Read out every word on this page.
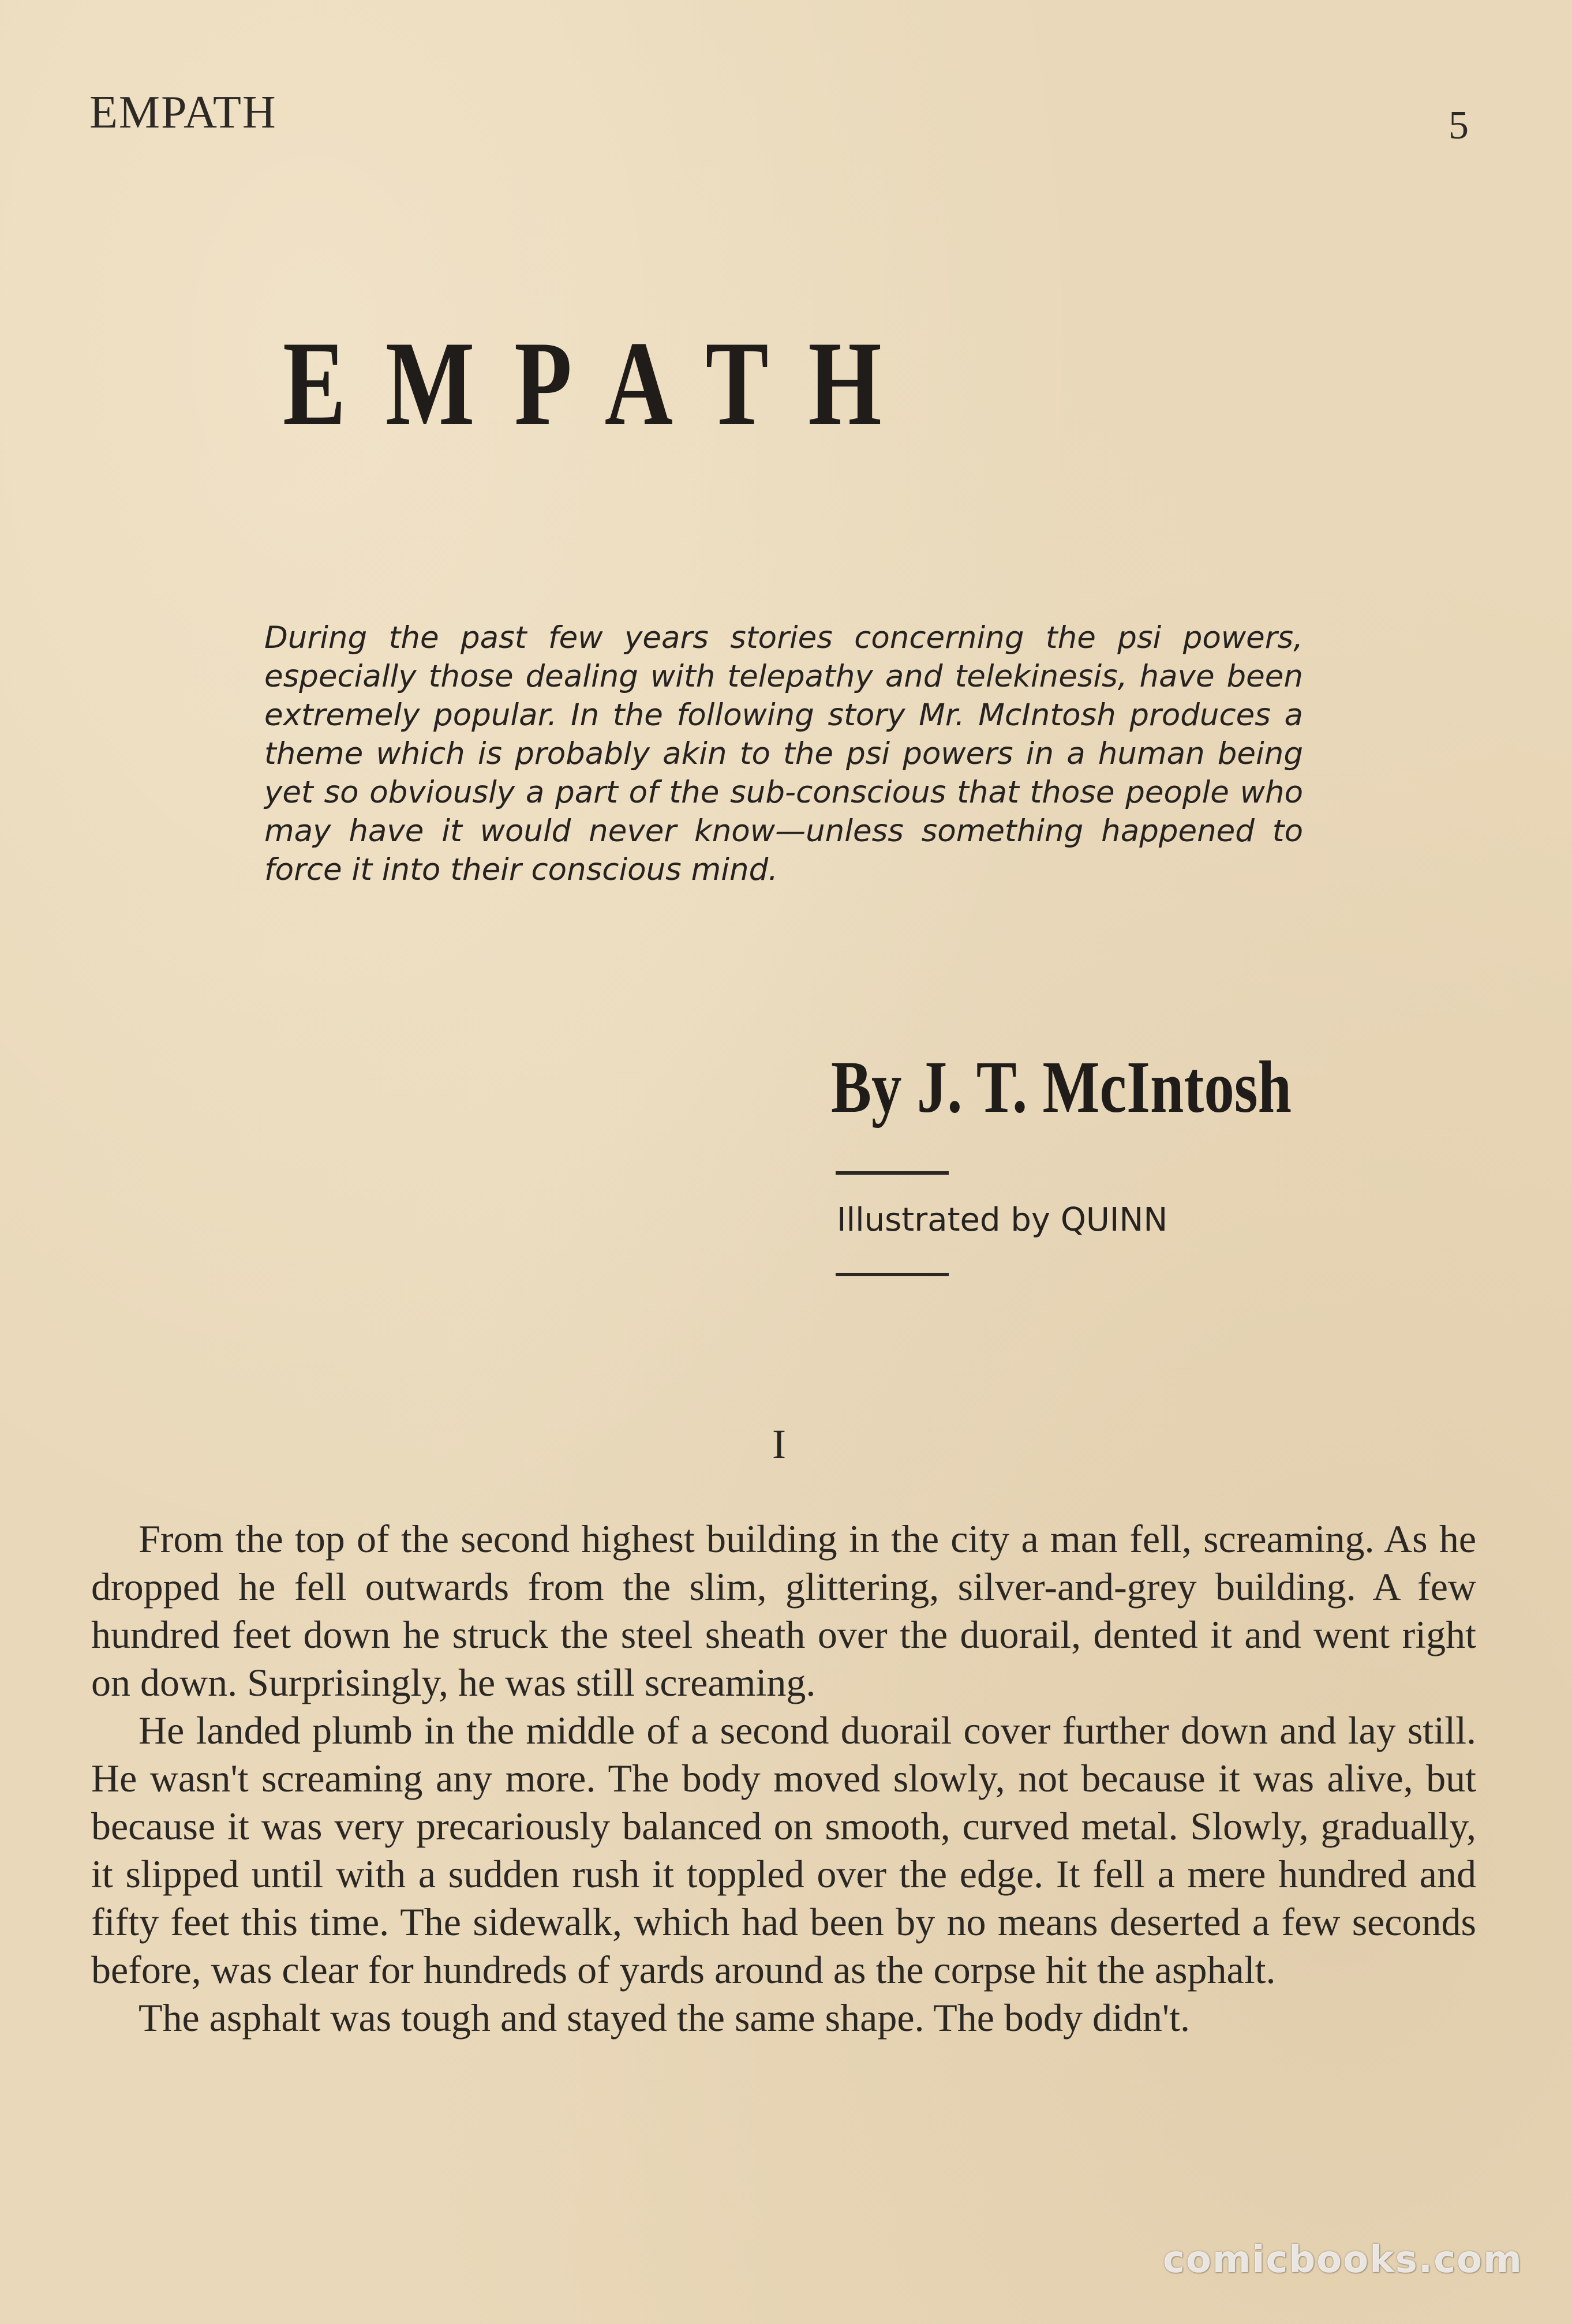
EMPATH	5
EMPATH
During the past few years stories concerning the psi powers, especially those dealing with telepathy and telekinesis, have been extremely popular. In the following story Mr. McIntosh produces a theme which is probably akin to the psi powers in a human being yet so obviously a part of the sub-conscious that those people who may have it would never know—unless something happened to force it into their conscious mind.
By J. T. McIntosh
Illustrated by QUINN
I

From the top of the second highest building in the city a man fell, screaming. As he dropped he fell outwards from the slim, glittering, silver-and-grey building. A few hundred feet down he struck the steel sheath over the duorail, dented it and went right on down. Surprisingly, he was still screaming.

He landed plumb in the middle of a second duorail cover further down and lay still. He wasn't screaming any more. The body moved slowly, not because it was alive, but because it was very precariously balanced on smooth, curved metal. Slowly, gradually, it slipped until with a sudden rush it toppled over the edge. It fell a mere hundred and fifty feet this time. The sidewalk, which had been by no means deserted a few seconds before, was clear for hundreds of yards around as the corpse hit the asphalt.

The asphalt was tough and stayed the same shape. The body didn't.

comicbooks.com
